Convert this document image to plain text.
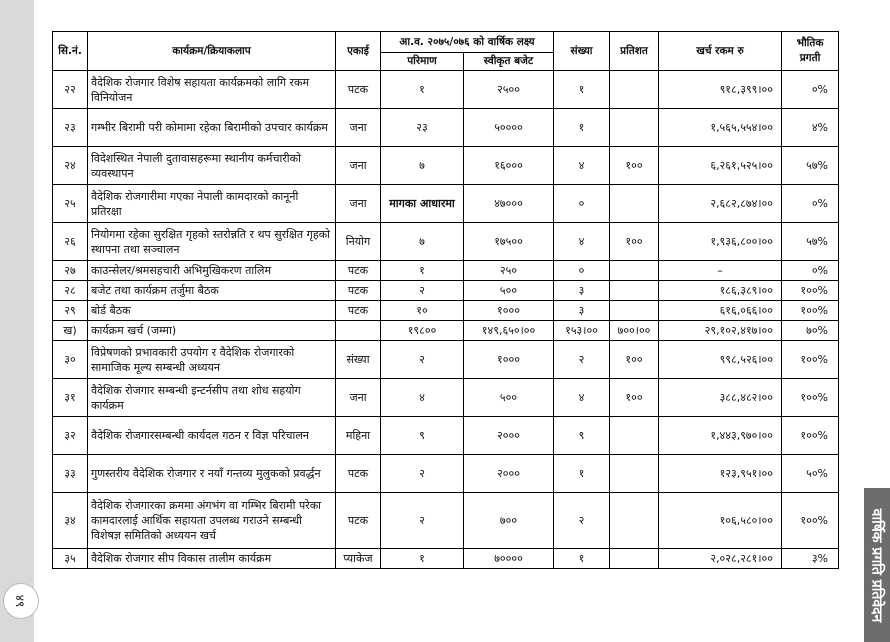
४९	वार्षिक प्रगति प्रतिवेदन
सि.नं.	कार्यक्रम/क्रियाकलाप	एकाई	आ.व. २०७५/०७६ को वार्षिक लक्ष्य		संख्या	प्रतिशत	खर्च रकम रु	भौतिक प्रगती
			परिमाण	स्वीकृत बजेट				
२२	वैदेशिक रोजगार विशेष सहायता कार्यक्रमको लागि रकम विनियोजन	पटक	१	२५००	१		९१८,३९९।००	०%
२३	गम्भीर बिरामी परी कोमामा रहेका बिरामीको उपचार कार्यक्रम	जना	२३	५००००	१		१,५६५,५५४।००	४%
२४	विदेशस्थित नेपाली दुतावासहरूमा स्थानीय कर्मचारीको व्यवस्थापन	जना	७	१६०००	४	१००	६,२६१,५२५।००	५७%
२५	वैदेशिक रोजगारीमा गएका नेपाली कामदारको कानूनी प्रतिरक्षा	जना	मागका आधारमा	४७०००	०		२,६८२,८७४।००	०%
२६	नियोगमा रहेका सुरक्षित गृहको स्तरोन्नति र थप सुरक्षित गृहको स्थापना तथा सञ्चालन	नियोग	७	१७५००	४	१००	१,९३६,८००।००	५७%
२७	काउन्सेलर/श्रमसहचारी अभिमुखिकरण तालिम	पटक	१	२५०	०		–	०%
२८	बजेट तथा कार्यक्रम तर्जुमा बैठक	पटक	२	५००	३		१८६,३८९।००	१००%
२९	बोर्ड बैठक	पटक	१०	१०००	३		६१६,०६६।००	१००%
ख)	कार्यक्रम खर्च (जम्मा)		१९८००	१४९,६५०।००	१५३।००	७००।००	२९,१०२,४१७।००	७०%
३०	विप्रेषणको प्रभावकारी उपयोग र वैदेशिक रोजगारको सामाजिक मूल्य सम्बन्धी अध्ययन	संख्या	२	१०००	२	१००	९९८,५२६।००	१००%
३१	वैदेशिक रोजगार सम्बन्धी इन्टर्नसीप तथा शोध सहयोग कार्यक्रम	जना	४	५००	४	१००	३८८,४८२।००	१००%
३२	वैदेशिक रोजगारसम्बन्धी कार्यदल गठन र विज्ञ परिचालन	महिना	९	२०००	९		१,४४३,९७०।००	१००%
३३	गुणस्तरीय वैदेशिक रोजगार र नयाँ गन्तव्य मुलुकको प्रवर्द्धन	पटक	२	२०००	१		१२३,९५१।००	५०%
३४	वैदेशिक रोजगारका क्रममा अंगभंग वा गम्भिर बिरामी परेका कामदारलाई आर्थिक सहायता उपलब्ध गराउने सम्बन्धी विशेषज्ञ समितिको अध्ययन खर्च	पटक	२	७००	२		१०६,५८०।००	१००%
३५	वैदेशिक रोजगार सीप विकास तालीम कार्यक्रम	प्याकेज	१	७००००	१		२,०२८,२८१।००	३%
